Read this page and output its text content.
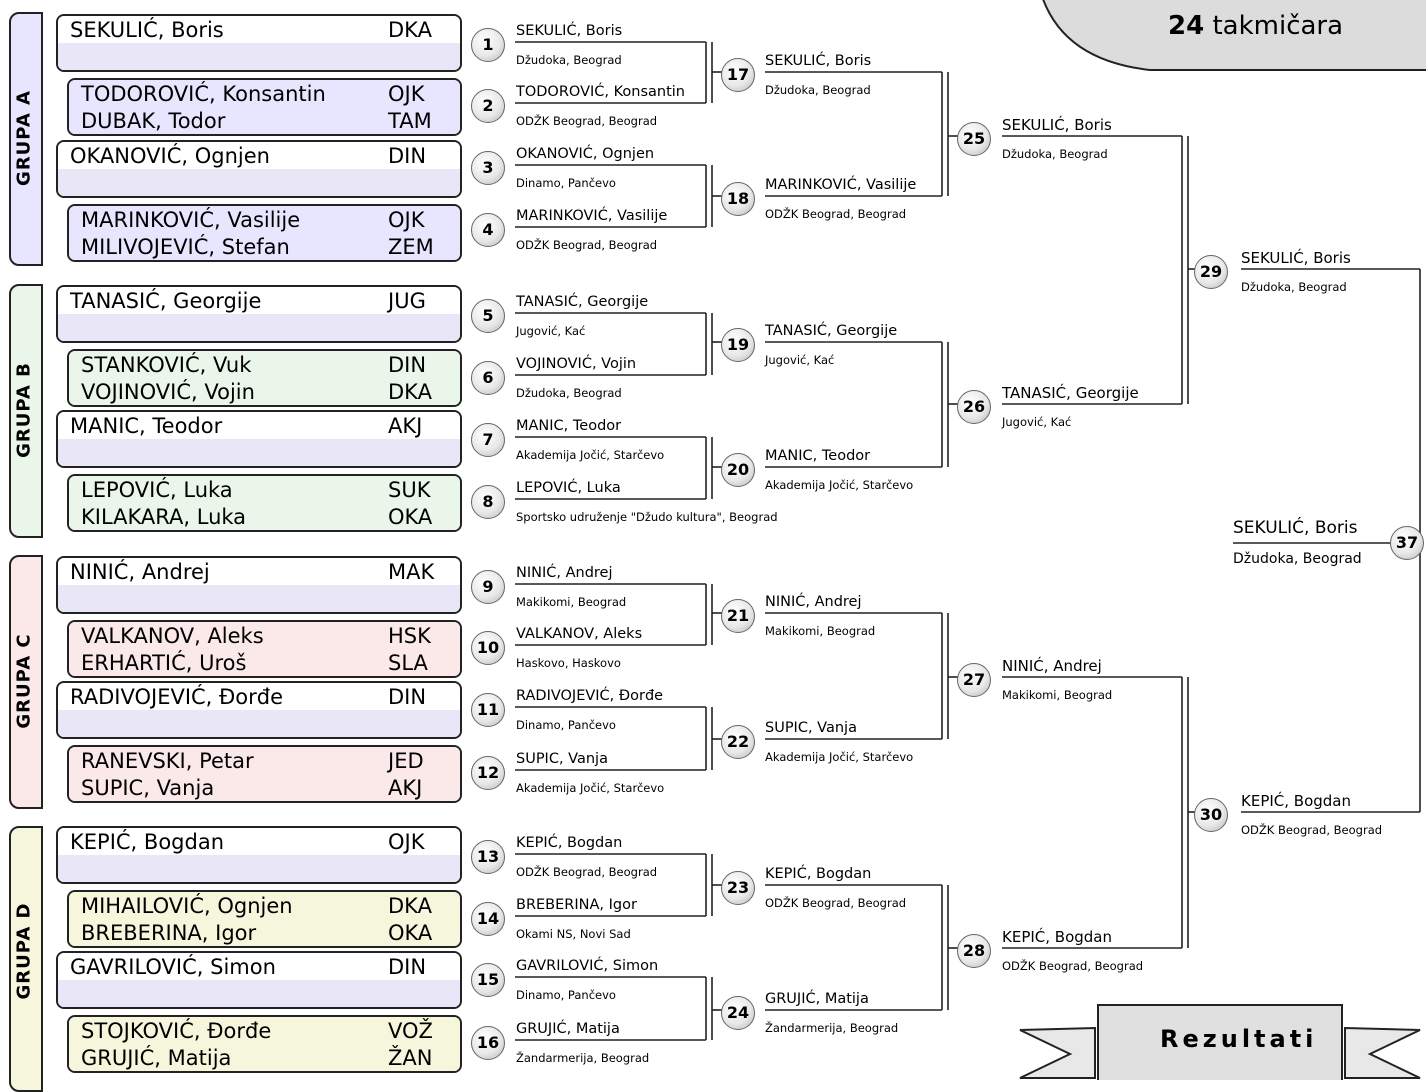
24 takmičara
GRUPA A
GRUPA B
GRUPA C
GRUPA D
SEKULIĆ, Boris	DKA
TODOROVIĆ, Konsantin	OJK
DUBAK, Todor	TAM
OKANOVIĆ, Ognjen	DIN
MARINKOVIĆ, Vasilije	OJK
MILIVOJEVIĆ, Stefan	ZEM
TANASIĆ, Georgije	JUG
STANKOVIĆ, Vuk	DIN
VOJINOVIĆ, Vojin	DKA
MANIC, Teodor	AKJ
LEPOVIĆ, Luka	SUK
KILAKARA, Luka	OKA
NINIĆ, Andrej	MAK
VALKANOV, Aleks	HSK
ERHARTIĆ, Uroš	SLA
RADIVOJEVIĆ, Đorđe	DIN
RANEVSKI, Petar	JED
SUPIC, Vanja	AKJ
KEPIĆ, Bogdan	OJK
MIHAILOVIĆ, Ognjen	DKA
BREBERINA, Igor	OKA
GAVRILOVIĆ, Simon	DIN
STOJKOVIĆ, Đorđe	VOŽ
GRUJIĆ, Matija	ŽAN
1
SEKULIĆ, Boris
Džudoka, Beograd
2
TODOROVIĆ, Konsantin
ODŽK Beograd, Beograd
3
OKANOVIĆ, Ognjen
Dinamo, Pančevo
4
MARINKOVIĆ, Vasilije
ODŽK Beograd, Beograd
5
TANASIĆ, Georgije
Jugović, Kać
6
VOJINOVIĆ, Vojin
Džudoka, Beograd
7
MANIC, Teodor
Akademija Jočić, Starčevo
8
LEPOVIĆ, Luka
Sportsko udruženje "Džudo kultura", Beograd
9
NINIĆ, Andrej
Makikomi, Beograd
10
VALKANOV, Aleks
Haskovo, Haskovo
11
RADIVOJEVIĆ, Đorđe
Dinamo, Pančevo
12
SUPIC, Vanja
Akademija Jočić, Starčevo
13
KEPIĆ, Bogdan
ODŽK Beograd, Beograd
14
BREBERINA, Igor
Okami NS, Novi Sad
15
GAVRILOVIĆ, Simon
Dinamo, Pančevo
16
GRUJIĆ, Matija
Žandarmerija, Beograd
17
SEKULIĆ, Boris
Džudoka, Beograd
18
MARINKOVIĆ, Vasilije
ODŽK Beograd, Beograd
19
TANASIĆ, Georgije
Jugović, Kać
20
MANIC, Teodor
Akademija Jočić, Starčevo
21
NINIĆ, Andrej
Makikomi, Beograd
22
SUPIC, Vanja
Akademija Jočić, Starčevo
23
KEPIĆ, Bogdan
ODŽK Beograd, Beograd
24
GRUJIĆ, Matija
Žandarmerija, Beograd
25
SEKULIĆ, Boris
Džudoka, Beograd
26
TANASIĆ, Georgije
Jugović, Kać
27
NINIĆ, Andrej
Makikomi, Beograd
28
KEPIĆ, Bogdan
ODŽK Beograd, Beograd
29
SEKULIĆ, Boris
Džudoka, Beograd
30
KEPIĆ, Bogdan
ODŽK Beograd, Beograd
SEKULIĆ, Boris
Džudoka, Beograd
37
Rezultati
